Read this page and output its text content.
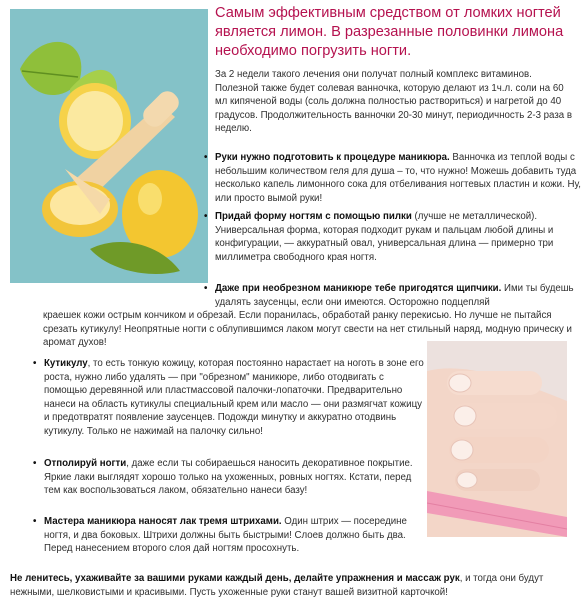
Самым эффективным средством от ломких ногтей является лимон. В разрезанные половинки лимона необходимо погрузить ногти.
За 2 недели такого лечения они получат полный комплекс витаминов. Полезной также будет солевая ванночка, которую делают из 1ч.л. соли на 60 мл кипяченой воды (соль должна полностью раствориться) и нагретой до 40 градусов. Продолжительность ванночки 20-30 минут, периодичность 2-3 раза в неделю.
• Руки нужно подготовить к процедуре маникюра. Ванночка из теплой воды с небольшим количеством геля для душа – то, что нужно! Можешь добавить туда несколько капель лимонного сока для отбеливания ногтевых пластин и кожи. Ну, или просто вымой руки!
• Придай форму ногтям с помощью пилки (лучше не металлической). Универсальная форма, которая подходит рукам и пальцам любой длины и конфигурации, — аккуратный овал, универсальная длина — примерно три миллиметра свободного края ногтя.
• Даже при необрезном маникюре тебе пригодятся щипчики. Ими ты будешь удалять заусенцы, если они имеются. Осторожно подцепляй
краешек кожи острым кончиком и обрезай. Если поранилась, обработай ранку перекисью. Но лучше не пытайся срезать кутикулу! Неопрятные ногти с облупившимся лаком могут свести на нет стильный наряд, модную прическу и аромат духов!
• Кутикулу, то есть тонкую кожицу, которая постоянно нарастает на ноготь в зоне его роста, нужно либо удалять — при "обрезном" маникюре, либо отодвигать с помощью деревянной или пластмассовой палочки-лопаточки. Предварительно нанеси на область кутикулы специальный крем или масло — они размягчат кожицу и предотвратят появление заусенцев. Подожди минутку и аккуратно отодвинь кутикулу. Только не нажимай на палочку сильно!
• Отполируй ногти, даже если ты собираешься наносить декоративное покрытие. Яркие лаки выглядят хорошо только на ухоженных, ровных ногтях. Кстати, перед тем как воспользоваться лаком, обязательно нанеси базу!
• Мастера маникюра наносят лак тремя штрихами. Один штрих — посередине ногтя, и два боковых. Штрихи должны быть быстрыми! Слоев должно быть два. Перед нанесением второго слоя дай ногтям просохнуть.
Не ленитесь, ухаживайте за вашими руками каждый день, делайте упражнения и массаж рук, и тогда они будут нежными, шелковистыми и красивыми. Пусть ухоженные руки станут вашей визитной карточкой!
